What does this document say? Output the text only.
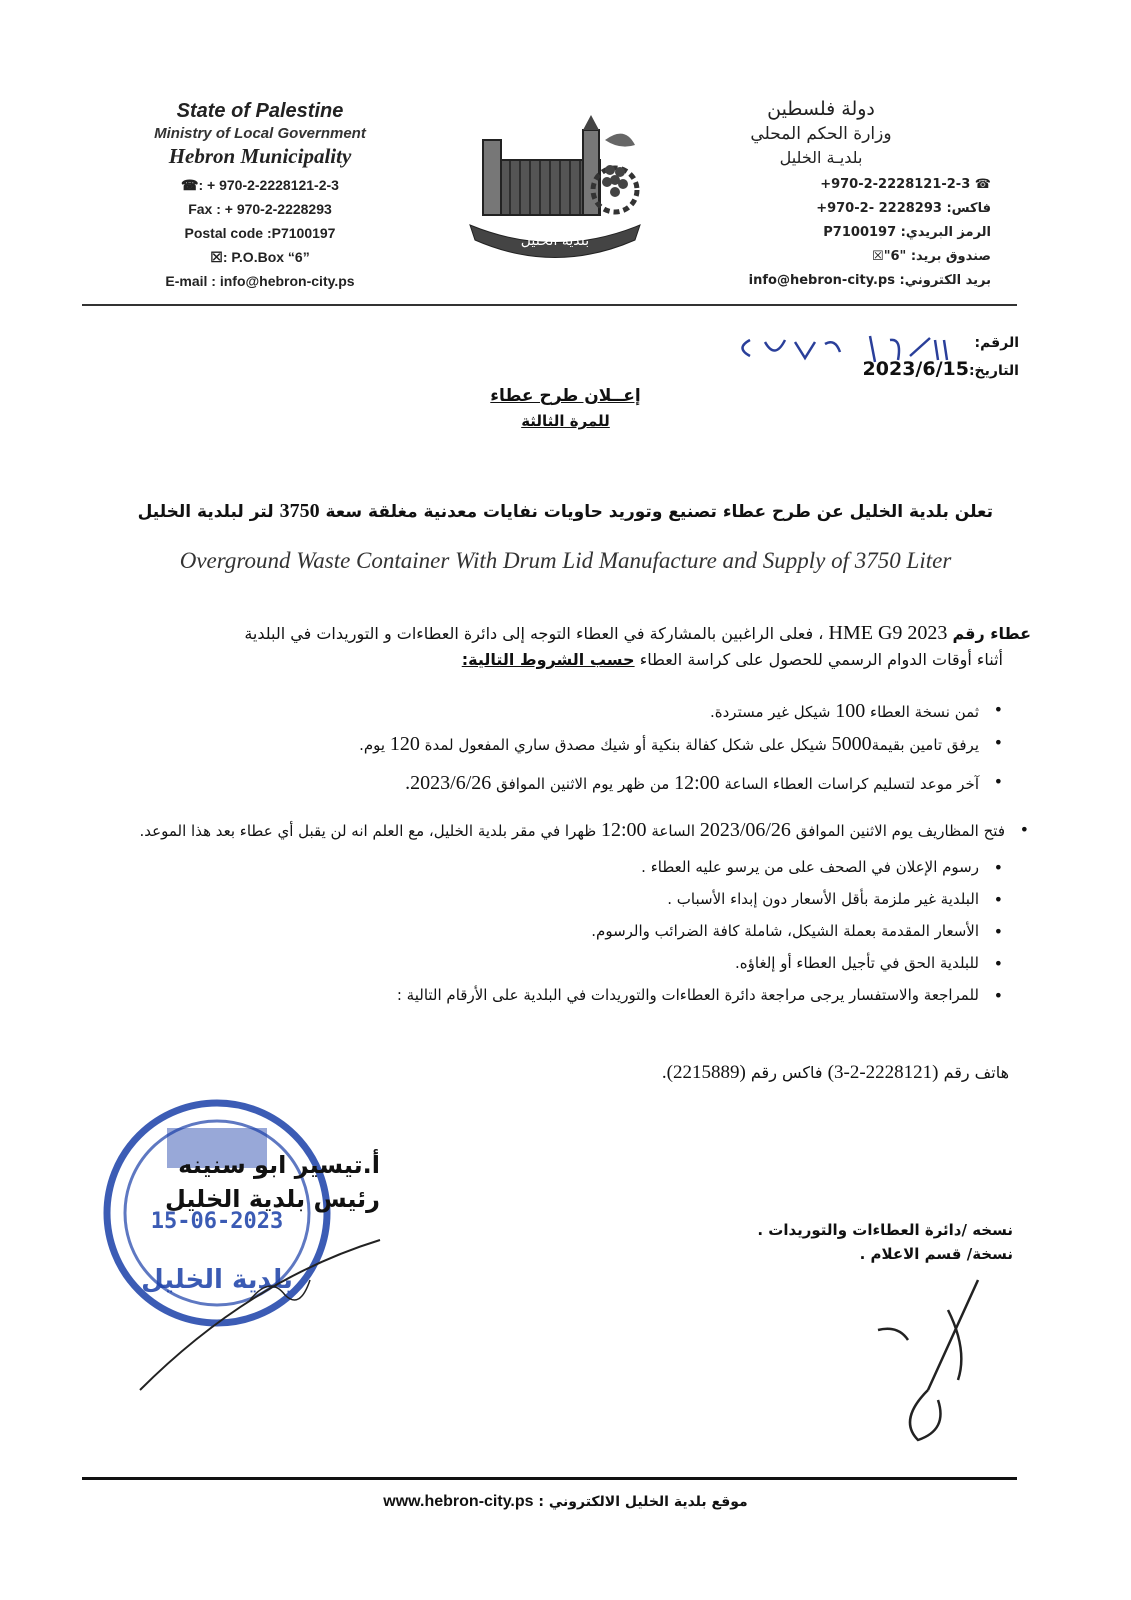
بلدية الخليل
State of Palestine
Ministry of Local Government
Hebron Municipality
☎: + 970-2-2228121-2-3
Fax : + 970-2-2228293
Postal code :P7100197
☒: P.O.Box “6”
E-mail : info@hebron-city.ps
دولة فلسطين
وزارة الحكم المحلي
بلديـة الخليل
☎ +970-2-2228121-2-3
فاكس: 2228293 -2-970+
الرمز البريدي: P7100197
صندوق بريد: "6"☒
بريد الكتروني: info@hebron-city.ps
الرقم:
التاريخ:2023/6/15
إعــلان طرح عطاء
للمرة الثالثة
تعلن بلدية الخليل عن طرح عطاء تصنيع وتوريد حاويات نفايات معدنية مغلقة سعة 3750 لتر لبلدية الخليل
Overground Waste Container With Drum Lid Manufacture and Supply of 3750 Liter
عطاء رقم HME G9 2023 ، فعلى الراغبين بالمشاركة في العطاء التوجه إلى دائرة العطاءات و التوريدات في البلدية
أثناء أوقات الدوام الرسمي للحصول على كراسة العطاء حسب الشروط التالية:
• ثمن نسخة العطاء 100 شيكل غير مستردة.
• يرفق تامين بقيمة5000 شيكل على شكل كفالة بنكية أو شيك مصدق ساري المفعول لمدة 120 يوم.
• آخر موعد لتسليم كراسات العطاء الساعة 12:00 من ظهر يوم الاثنين الموافق 2023/6/26.
• فتح المظاريف يوم الاثنين الموافق 2023/06/26 الساعة 12:00 ظهرا في مقر بلدية الخليل، مع العلم انه لن يقبل أي عطاء بعد هذا الموعد.
• رسوم الإعلان في الصحف على من يرسو عليه العطاء .
• البلدية غير ملزمة بأقل الأسعار دون إبداء الأسباب .
• الأسعار المقدمة بعملة الشيكل، شاملة كافة الضرائب والرسوم.
• للبلدية الحق في تأجيل العطاء أو إلغاؤه.
• للمراجعة والاستفسار يرجى مراجعة دائرة العطاءات والتوريدات في البلدية على الأرقام التالية :
هاتف رقم (2228121-2-3) فاكس رقم (2215889).
15-06-2023
بلدية الخليل
أ.تيسير ابو سنينه
رئيس بلدية الخليل
نسخه /دائرة العطاءات والتوريدات .
نسخة/ قسم الاعلام .
موقع بلدية الخليل الالكتروني : www.hebron-city.ps
